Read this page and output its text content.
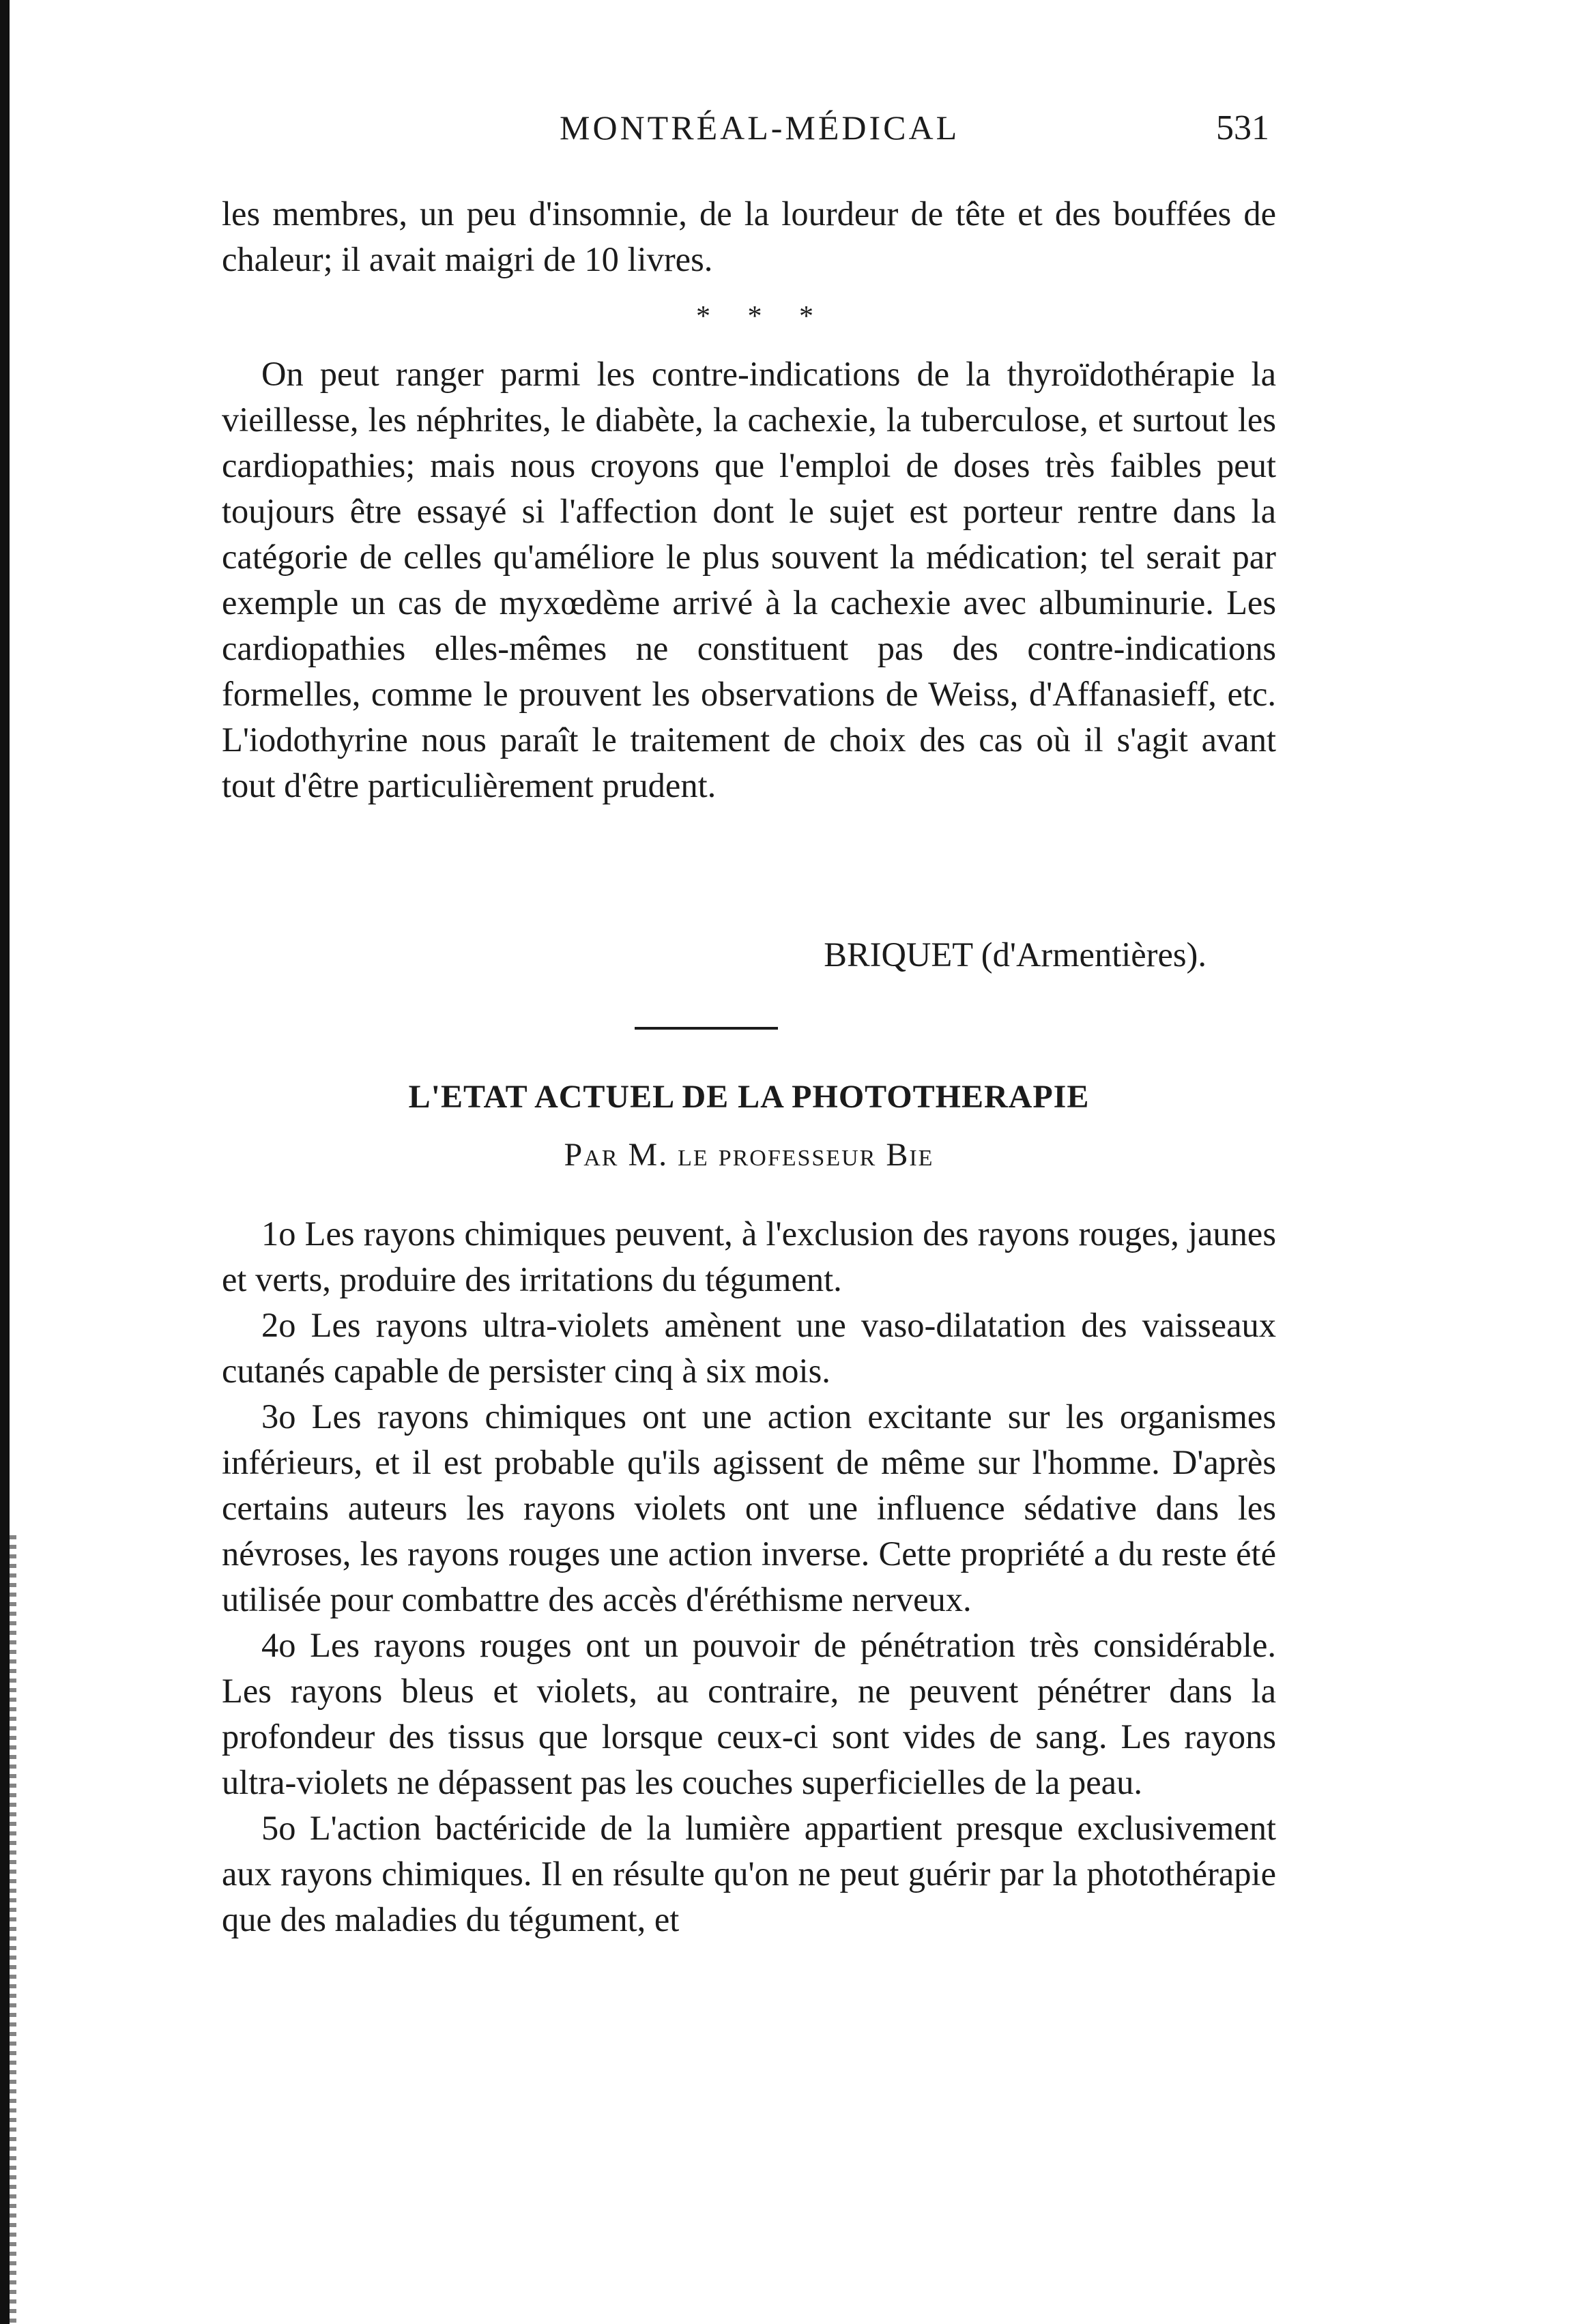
MONTRÉAL-MÉDICAL	531

les membres, un peu d'insomnie, de la lourdeur de tête et des bouffées de chaleur; il avait maigri de 10 livres.

* * *

On peut ranger parmi les contre-indications de la thyroïdothérapie la vieillesse, les néphrites, le diabète, la cachexie, la tuberculose, et surtout les cardiopathies; mais nous croyons que l'emploi de doses très faibles peut toujours être essayé si l'affection dont le sujet est porteur rentre dans la catégorie de celles qu'améliore le plus souvent la médication; tel serait par exemple un cas de myxœdème arrivé à la cachexie avec albuminurie. Les cardiopathies elles-mêmes ne constituent pas des contre-indications formelles, comme le prouvent les observations de Weiss, d'Affanasieff, etc. L'iodothyrine nous paraît le traitement de choix des cas où il s'agit avant tout d'être particulièrement prudent.

BRIQUET (d'Armentières).
L'ETAT ACTUEL DE LA PHOTOTHERAPIE
Par M. le professeur Bie

1o Les rayons chimiques peuvent, à l'exclusion des rayons rouges, jaunes et verts, produire des irritations du tégument.

2o Les rayons ultra-violets amènent une vaso-dilatation des vaisseaux cutanés capable de persister cinq à six mois.

3o Les rayons chimiques ont une action excitante sur les organismes inférieurs, et il est probable qu'ils agissent de même sur l'homme. D'après certains auteurs les rayons violets ont une influence sédative dans les névroses, les rayons rouges une action inverse. Cette propriété a du reste été utilisée pour combattre des accès d'éréthisme nerveux.

4o Les rayons rouges ont un pouvoir de pénétration très considérable. Les rayons bleus et violets, au contraire, ne peuvent pénétrer dans la profondeur des tissus que lorsque ceux-ci sont vides de sang. Les rayons ultra-violets ne dépassent pas les couches superficielles de la peau.

5o L'action bactéricide de la lumière appartient presque exclusivement aux rayons chimiques. Il en résulte qu'on ne peut guérir par la photothérapie que des maladies du tégument, et
